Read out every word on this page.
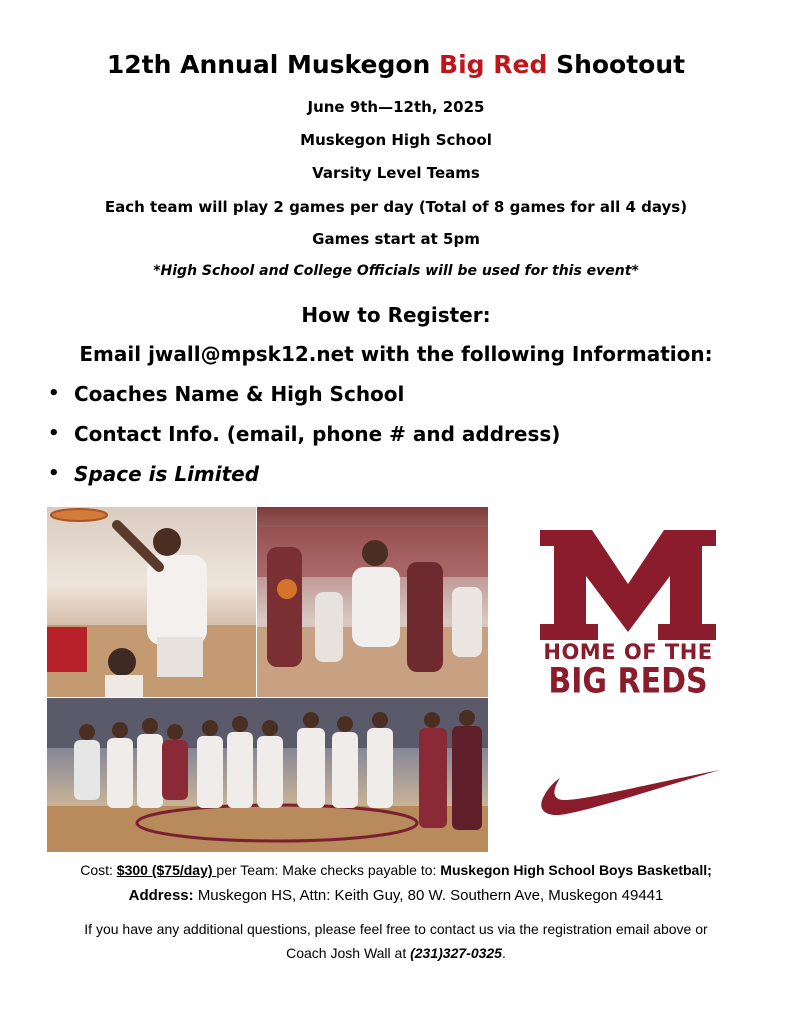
12th Annual Muskegon Big Red Shootout
June 9th—12th, 2025
Muskegon High School
Varsity Level Teams
Each team will play 2 games per day (Total of 8 games for all 4 days)
Games start at 5pm
*High School and College Officials will be used for this event*
How to Register:
Email jwall@mpsk12.net with the following Information:
• Coaches Name & High School
• Contact Info. (email, phone # and address)
• Space is Limited
HOME OF THE
BIG REDS
Cost: $300 ($75/day) per Team: Make checks payable to: Muskegon High School Boys Basketball;
Address: Muskegon HS, Attn: Keith Guy, 80 W. Southern Ave, Muskegon 49441
If you have any additional questions, please feel free to contact us via the registration email above or
Coach Josh Wall at (231)327-0325.
